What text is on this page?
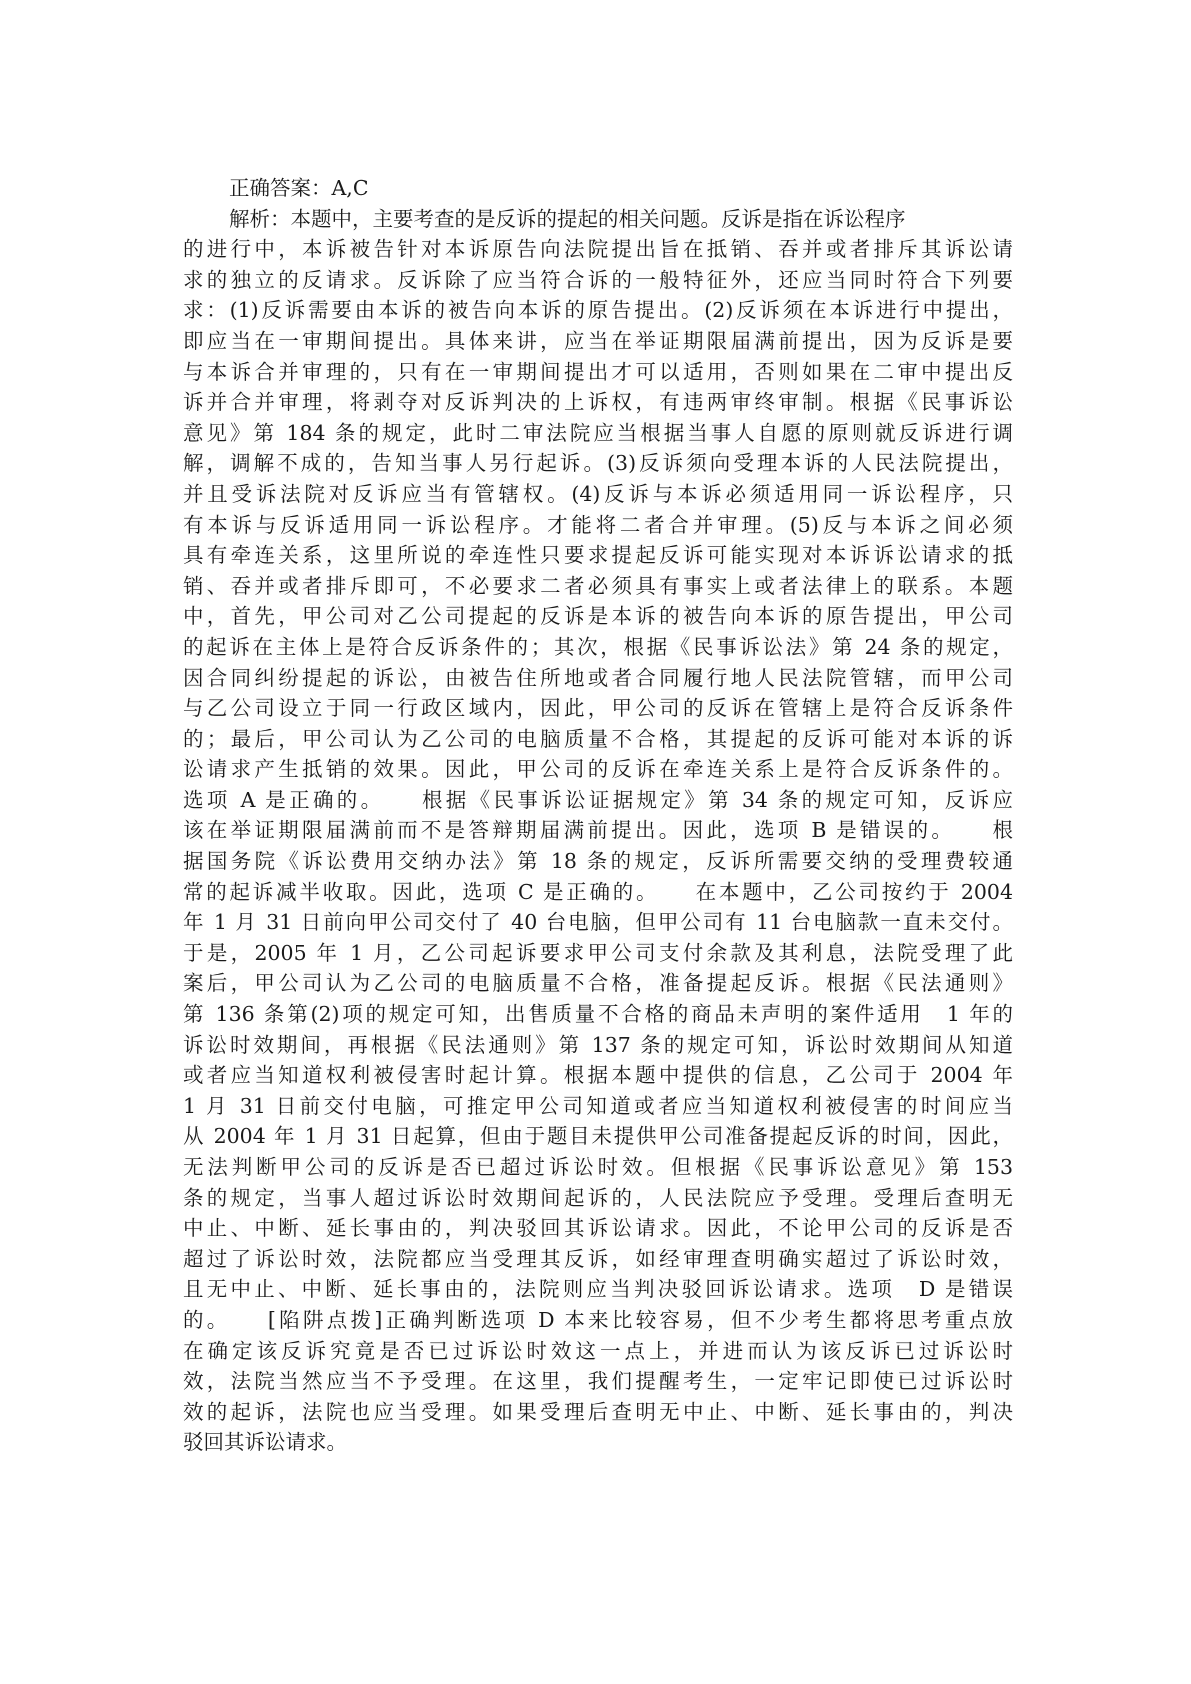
正确答案：A,C
解析：本题中，主要考查的是反诉的提起的相关问题。反诉是指在诉讼程序
的进行中，本诉被告针对本诉原告向法院提出旨在抵销、吞并或者排斥其诉讼请
求的独立的反请求。反诉除了应当符合诉的一般特征外，还应当同时符合下列要
求：(1)反诉需要由本诉的被告向本诉的原告提出。(2)反诉须在本诉进行中提出，
即应当在一审期间提出。具体来讲，应当在举证期限届满前提出，因为反诉是要
与本诉合并审理的，只有在一审期间提出才可以适用，否则如果在二审中提出反
诉并合并审理，将剥夺对反诉判决的上诉权，有违两审终审制。根据《民事诉讼
意见》第 184 条的规定，此时二审法院应当根据当事人自愿的原则就反诉进行调
解，调解不成的，告知当事人另行起诉。(3)反诉须向受理本诉的人民法院提出，
并且受诉法院对反诉应当有管辖权。(4)反诉与本诉必须适用同一诉讼程序，只
有本诉与反诉适用同一诉讼程序。才能将二者合并审理。(5)反与本诉之间必须
具有牵连关系，这里所说的牵连性只要求提起反诉可能实现对本诉诉讼请求的抵
销、吞并或者排斥即可，不必要求二者必须具有事实上或者法律上的联系。本题
中，首先，甲公司对乙公司提起的反诉是本诉的被告向本诉的原告提出，甲公司
的起诉在主体上是符合反诉条件的；其次，根据《民事诉讼法》第 24 条的规定，
因合同纠纷提起的诉讼，由被告住所地或者合同履行地人民法院管辖，而甲公司
与乙公司设立于同一行政区域内，因此，甲公司的反诉在管辖上是符合反诉条件
的；最后，甲公司认为乙公司的电脑质量不合格，其提起的反诉可能对本诉的诉
讼请求产生抵销的效果。因此，甲公司的反诉在牵连关系上是符合反诉条件的。
选项 A 是正确的。　　根据《民事诉讼证据规定》第 34 条的规定可知，反诉应
该在举证期限届满前而不是答辩期届满前提出。因此，选项 B 是错误的。　　根
据国务院《诉讼费用交纳办法》第 18 条的规定，反诉所需要交纳的受理费较通
常的起诉减半收取。因此，选项 C 是正确的。　　在本题中，乙公司按约于 2004
年 1 月 31 日前向甲公司交付了 40 台电脑，但甲公司有 11 台电脑款一直未交付。
于是，2005 年 1 月，乙公司起诉要求甲公司支付余款及其利息，法院受理了此
案后，甲公司认为乙公司的电脑质量不合格，准备提起反诉。根据《民法通则》
第 136 条第(2)项的规定可知，出售质量不合格的商品未声明的案件适用　1 年的
诉讼时效期间，再根据《民法通则》第 137 条的规定可知，诉讼时效期间从知道
或者应当知道权利被侵害时起计算。根据本题中提供的信息，乙公司于 2004 年
1 月 31 日前交付电脑，可推定甲公司知道或者应当知道权利被侵害的时间应当
从 2004 年 1 月 31 日起算，但由于题目未提供甲公司准备提起反诉的时间，因此，
无法判断甲公司的反诉是否已超过诉讼时效。但根据《民事诉讼意见》第 153
条的规定，当事人超过诉讼时效期间起诉的，人民法院应予受理。受理后查明无
中止、中断、延长事由的，判决驳回其诉讼请求。因此，不论甲公司的反诉是否
超过了诉讼时效，法院都应当受理其反诉，如经审理查明确实超过了诉讼时效，
且无中止、中断、延长事由的，法院则应当判决驳回诉讼请求。选项　D 是错误
的。　　[陷阱点拨]正确判断选项 D 本来比较容易，但不少考生都将思考重点放
在确定该反诉究竟是否已过诉讼时效这一点上，并进而认为该反诉已过诉讼时
效，法院当然应当不予受理。在这里，我们提醒考生，一定牢记即使已过诉讼时
效的起诉，法院也应当受理。如果受理后查明无中止、中断、延长事由的，判决
驳回其诉讼请求。
